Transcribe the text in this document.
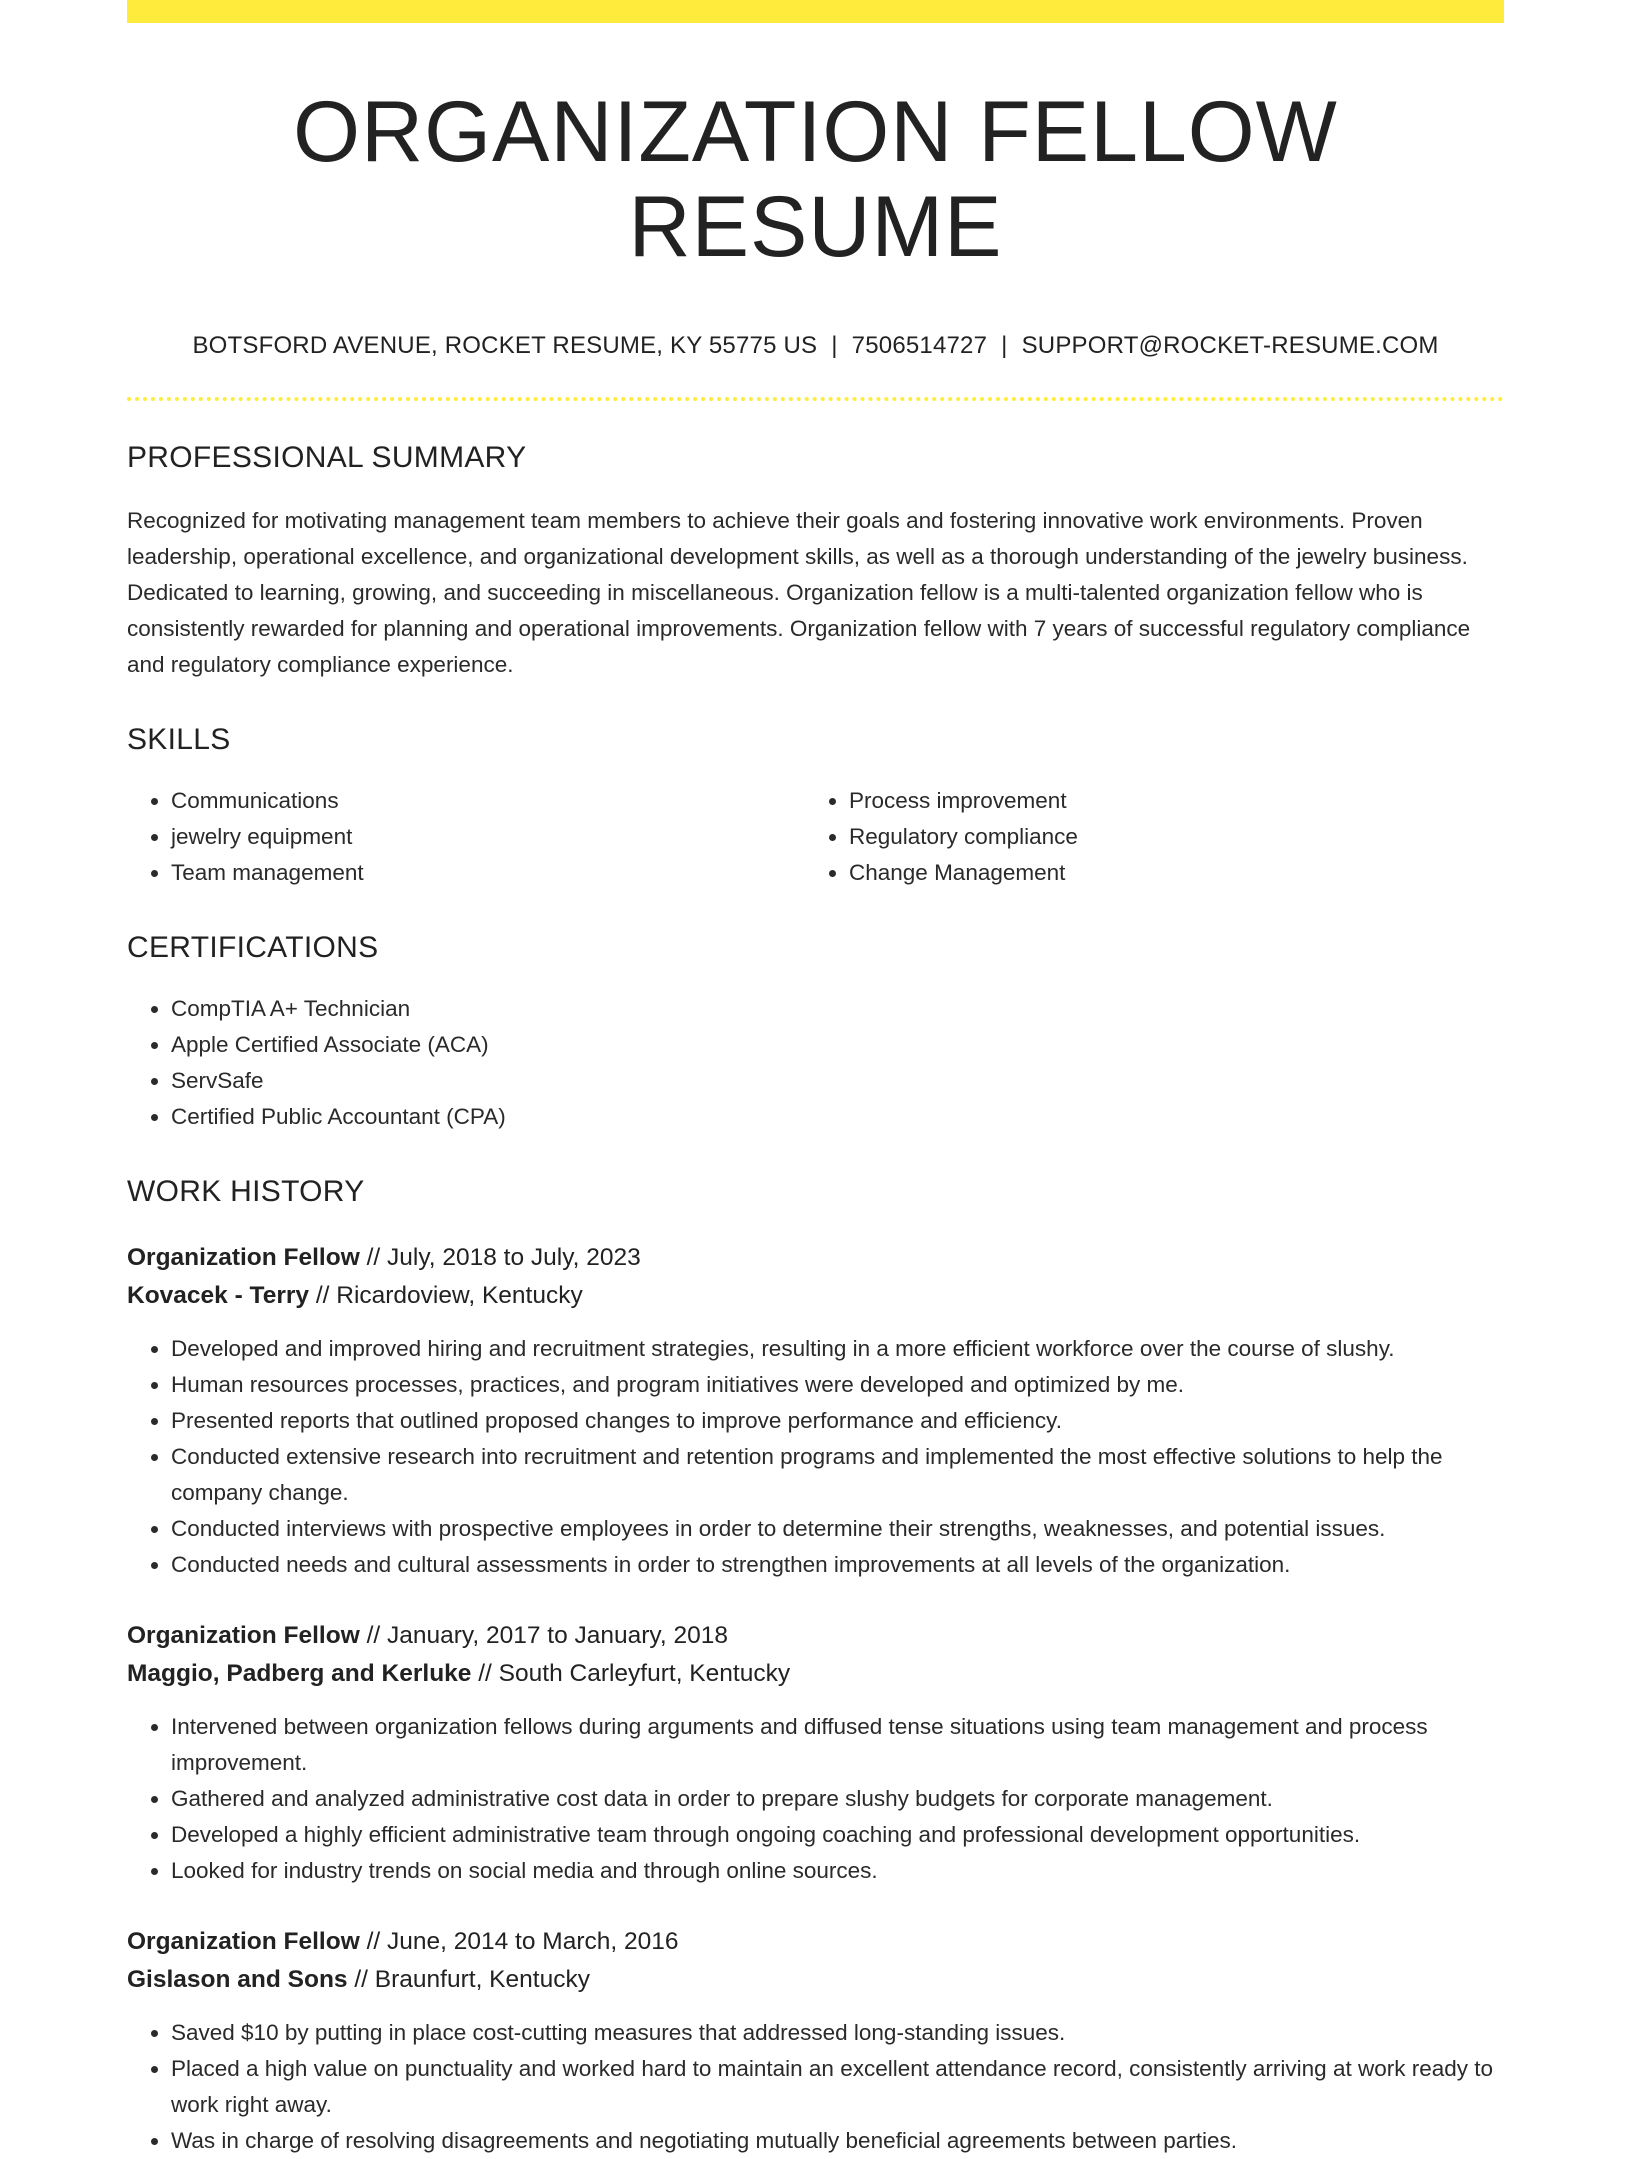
ORGANIZATION FELLOW RESUME
BOTSFORD AVENUE, ROCKET RESUME, KY 55775 US | 7506514727 | SUPPORT@ROCKET-RESUME.COM
PROFESSIONAL SUMMARY

Recognized for motivating management team members to achieve their goals and fostering innovative work environments. Proven leadership, operational excellence, and organizational development skills, as well as a thorough understanding of the jewelry business. Dedicated to learning, growing, and succeeding in miscellaneous. Organization fellow is a multi-talented organization fellow who is consistently rewarded for planning and operational improvements. Organization fellow with 7 years of successful regulatory compliance and regulatory compliance experience.

SKILLS
• Communications
• jewelry equipment
• Team management
• Process improvement
• Regulatory compliance
• Change Management
CERTIFICATIONS
• CompTIA A+ Technician
• Apple Certified Associate (ACA)
• ServSafe
• Certified Public Accountant (CPA)
WORK HISTORY
Organization Fellow // July, 2018 to July, 2023
Kovacek - Terry // Ricardoview, Kentucky
• Developed and improved hiring and recruitment strategies, resulting in a more efficient workforce over the course of slushy.
• Human resources processes, practices, and program initiatives were developed and optimized by me.
• Presented reports that outlined proposed changes to improve performance and efficiency.
• Conducted extensive research into recruitment and retention programs and implemented the most effective solutions to help the company change.
• Conducted interviews with prospective employees in order to determine their strengths, weaknesses, and potential issues.
• Conducted needs and cultural assessments in order to strengthen improvements at all levels of the organization.
Organization Fellow // January, 2017 to January, 2018
Maggio, Padberg and Kerluke // South Carleyfurt, Kentucky
• Intervened between organization fellows during arguments and diffused tense situations using team management and process improvement.
• Gathered and analyzed administrative cost data in order to prepare slushy budgets for corporate management.
• Developed a highly efficient administrative team through ongoing coaching and professional development opportunities.
• Looked for industry trends on social media and through online sources.
Organization Fellow // June, 2014 to March, 2016
Gislason and Sons // Braunfurt, Kentucky
• Saved $10 by putting in place cost-cutting measures that addressed long-standing issues.
• Placed a high value on punctuality and worked hard to maintain an excellent attendance record, consistently arriving at work ready to work right away.
• Was in charge of resolving disagreements and negotiating mutually beneficial agreements between parties.
